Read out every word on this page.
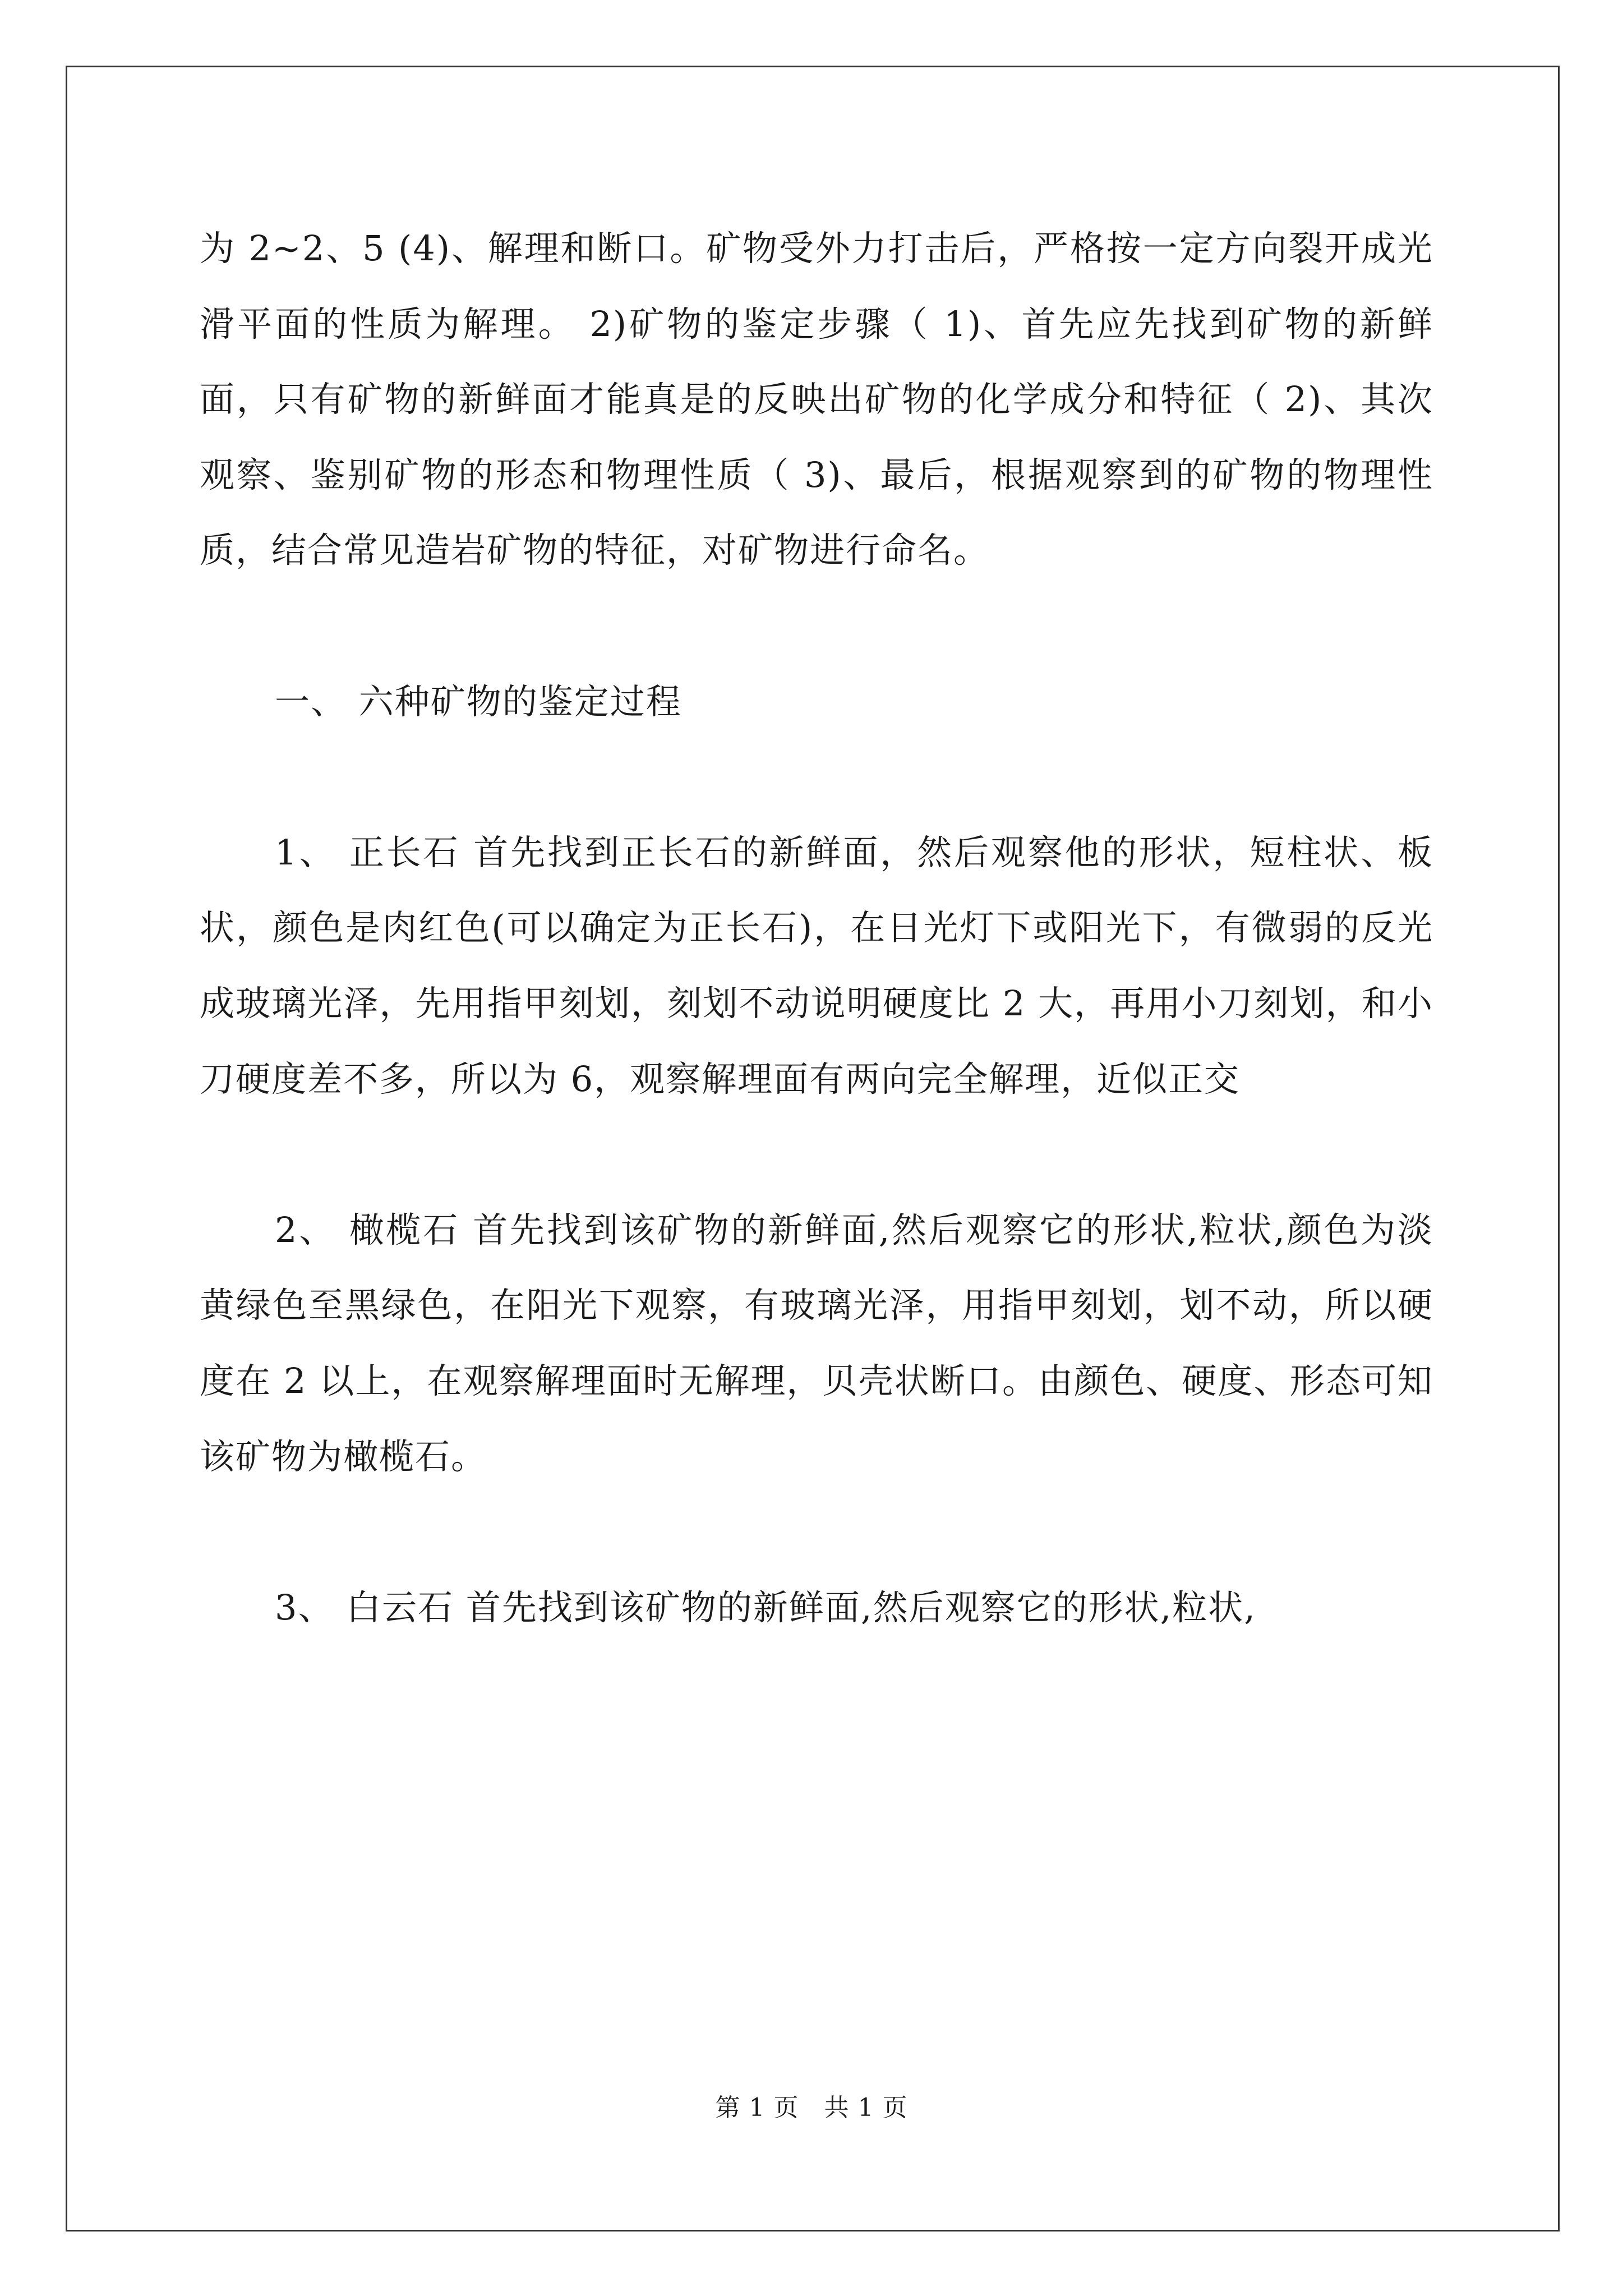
为 2~2、5 (4)、解理和断口。矿物受外力打击后，严格按一定方向裂开成光滑平面的性质为解理。 2)矿物的鉴定步骤（ 1)、首先应先找到矿物的新鲜面，只有矿物的新鲜面才能真是的反映出矿物的化学成分和特征（ 2)、其次观察、鉴别矿物的形态和物理性质（ 3)、最后，根据观察到的矿物的物理性质，结合常见造岩矿物的特征，对矿物进行命名。

一、 六种矿物的鉴定过程

1、 正长石 首先找到正长石的新鲜面，然后观察他的形状，短柱状、板状，颜色是肉红色(可以确定为正长石)，在日光灯下或阳光下，有微弱的反光成玻璃光泽，先用指甲刻划，刻划不动说明硬度比 2 大，再用小刀刻划，和小刀硬度差不多，所以为 6，观察解理面有两向完全解理，近似正交

2、 橄榄石 首先找到该矿物的新鲜面,然后观察它的形状,粒状,颜色为淡黄绿色至黑绿色，在阳光下观察，有玻璃光泽，用指甲刻划，划不动，所以硬度在 2 以上，在观察解理面时无解理，贝壳状断口。由颜色、硬度、形态可知该矿物为橄榄石。

3、 白云石 首先找到该矿物的新鲜面,然后观察它的形状,粒状,

第 1 页　共 1 页
